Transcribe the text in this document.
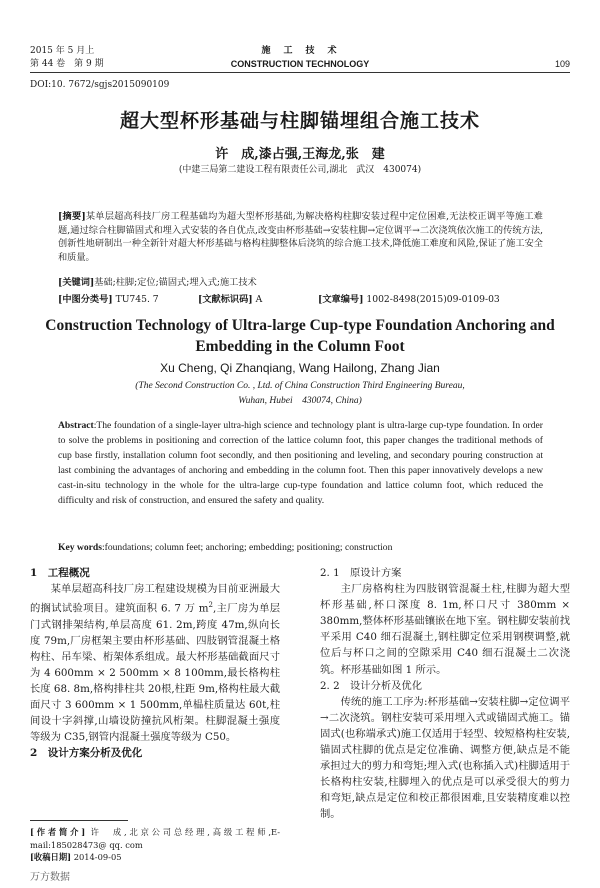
2015 年 5 月上
第 44 卷　第 9 期
施　工　技　术
CONSTRUCTION TECHNOLOGY	109
DOI:10. 7672/sgjs2015090109
超大型杯形基础与柱脚锚埋组合施工技术
许　成,漆占强,王海龙,张　建
(中建三局第二建设工程有限责任公司,湖北　武汉　430074)
[摘要]某单层超高科技厂房工程基础均为超大型杯形基础,为解决格构柱脚安装过程中定位困难,无法校正调平等施工难题,通过综合柱脚锚固式和埋入式安装的各自优点,改变由杯形基础→安装柱脚→定位调平→二次浇筑依次施工的传统方法,创新性地研制出一种全新针对超大杯形基础与格构柱脚整体后浇筑的综合施工技术,降低施工难度和风险,保证了施工安全和质量。
[关键词]基础;柱脚;定位;锚固式;埋入式;施工技术
[中图分类号] TU745. 7	[文献标识码] A	[文章编号] 1002-8498(2015)09-0109-03
Construction Technology of Ultra-large Cup-type Foundation Anchoring and Embedding in the Column Foot
Xu Cheng, Qi Zhanqiang, Wang Hailong, Zhang Jian
(The Second Construction Co. , Ltd. of China Construction Third Engineering Bureau,
Wuhan, Hubei　430074, China)
Abstract:The foundation of a single-layer ultra-high science and technology plant is ultra-large cup-type foundation. In order to solve the problems in positioning and correction of the lattice column foot, this paper changes the traditional methods of cup base firstly, installation column foot secondly, and then positioning and leveling, and secondary pouring construction at last combining the advantages of anchoring and embedding in the column foot. Then this paper innovatively develops a new cast-in-situ technology in the whole for the ultra-large cup-type foundation and lattice column foot, which reduced the difficulty and risk of construction, and ensured the safety and quality.
Key words:foundations; column feet; anchoring; embedding; positioning; construction
1　工程概况
某单层超高科技厂房工程建设规模为目前亚洲最大的搁试试验项目。建筑面积 6. 7 万 $m^2$,主厂房为单层门式钢排架结构,单层高度 61. 2m,跨度 47m,纵向长度 79m,厂房框架主要由杯形基础、四肢钢管混凝土格构柱、吊车梁、桁架体系组成。最大杯形基础截面尺寸为 4 600mm × 2 500mm × 8 100mm,最长格构柱长度 68. 8m,格构排柱共 20根,柱距 9m,格构柱最大截面尺寸 3 600mm × 1 500mm,单榀柱质量达 60t,柱间设十字斜撑,山墙设防撞抗风桁架。柱脚混凝土强度等级为 C35,钢管内混凝土强度等级为 C50。
2　设计方案分析及优化
[作者简介] 许　成,北京公司总经理,高级工程师,E-mail:185028473@ qq. com
[收稿日期] 2014-09-05
2. 1　原设计方案
主厂房格构柱为四肢钢管混凝土柱,柱脚为超大型杯形基础,杯口深度 8. 1m,杯口尺寸 380mm × 380mm,整体杯形基础镶嵌在地下室。钢柱脚安装前找平采用 C40 细石混凝土,钢柱脚定位采用钢楔调整,就位后与杯口之间的空隙采用 C40 细石混凝土二次浇筑。杯形基础如图 1 所示。
2. 2　设计分析及优化
传统的施工工序为:杯形基础→安装柱脚→定位调平→二次浇筑。钢柱安装可采用埋入式或锚固式施工。锚固式(也称端承式)施工仅适用于轻型、较短格构柱安装,锚固式柱脚的优点是定位准确、调整方便,缺点是不能承担过大的剪力和弯矩;埋入式(也称插入式)柱脚适用于长格构柱安装,柱脚埋入的优点是可以承受很大的剪力和弯矩,缺点是定位和校正都很困难,且安装精度难以控制。
万方数据
